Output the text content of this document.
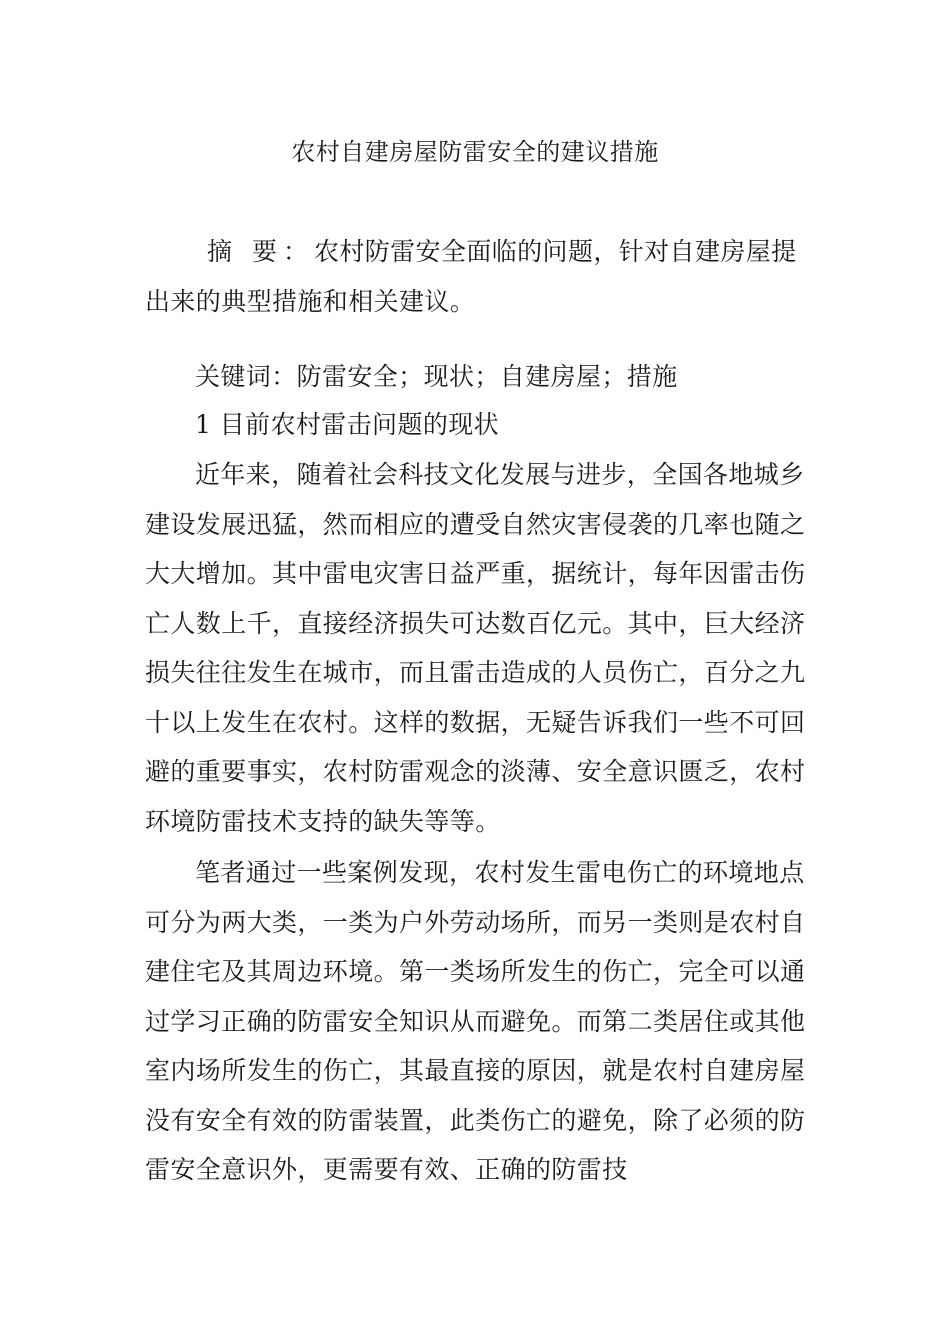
农村自建房屋防雷安全的建议措施

摘 要：农村防雷安全面临的问题，针对自建房屋提出来的典型措施和相关建议。

关键词：防雷安全；现状；自建房屋；措施

1 目前农村雷击问题的现状

近年来，随着社会科技文化发展与进步，全国各地城乡建设发展迅猛，然而相应的遭受自然灾害侵袭的几率也随之大大增加。其中雷电灾害日益严重，据统计，每年因雷击伤亡人数上千，直接经济损失可达数百亿元。其中，巨大经济损失往往发生在城市，而且雷击造成的人员伤亡，百分之九十以上发生在农村。这样的数据，无疑告诉我们一些不可回避的重要事实，农村防雷观念的淡薄、安全意识匮乏，农村环境防雷技术支持的缺失等等。

笔者通过一些案例发现，农村发生雷电伤亡的环境地点可分为两大类，一类为户外劳动场所，而另一类则是农村自建住宅及其周边环境。第一类场所发生的伤亡，完全可以通过学习正确的防雷安全知识从而避免。而第二类居住或其他室内场所发生的伤亡，其最直接的原因，就是农村自建房屋没有安全有效的防雷装置，此类伤亡的避免，除了必须的防雷安全意识外，更需要有效、正确的防雷技
